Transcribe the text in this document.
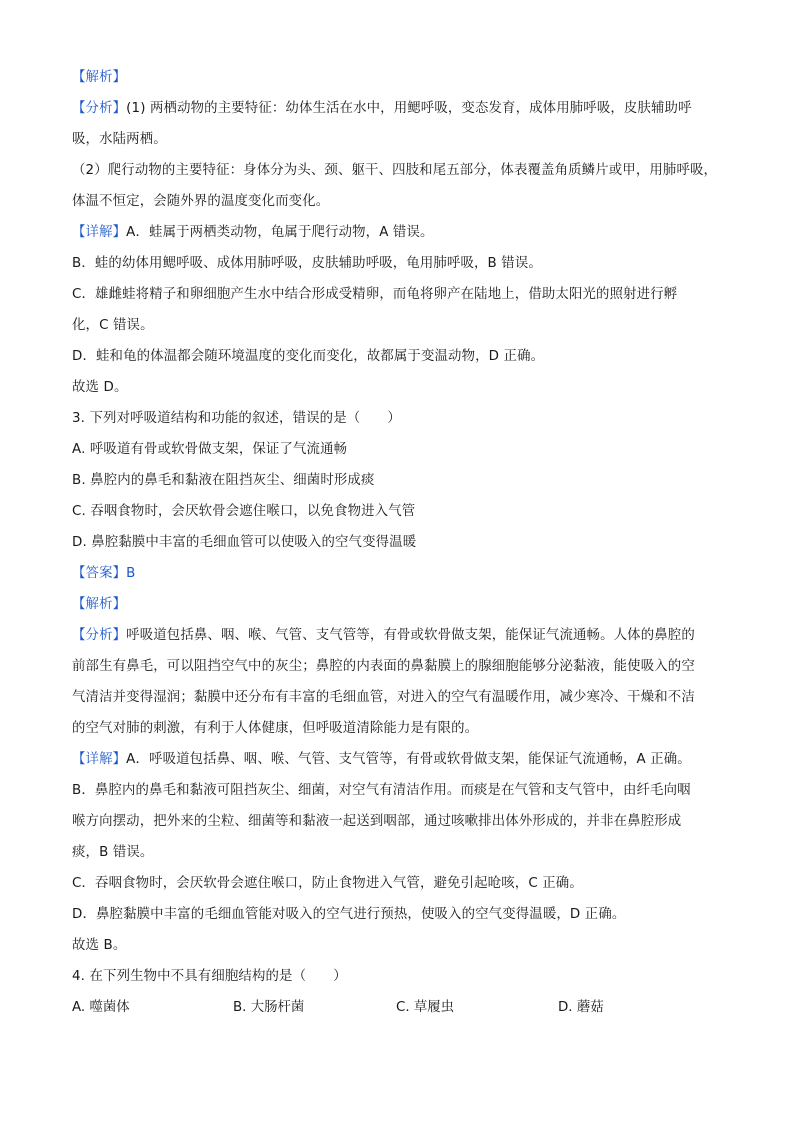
【解析】
【分析】(1) 两栖动物的主要特征：幼体生活在水中，用鳃呼吸，变态发育，成体用肺呼吸，皮肤辅助呼
吸，水陆两栖。
（2）爬行动物的主要特征：身体分为头、颈、躯干、四肢和尾五部分，体表覆盖角质鳞片或甲，用肺呼吸，
体温不恒定，会随外界的温度变化而变化。
【详解】A．蛙属于两栖类动物，龟属于爬行动物，A 错误。
B．蛙的幼体用鳃呼吸、成体用肺呼吸，皮肤辅助呼吸，龟用肺呼吸，B 错误。
C．雄雌蛙将精子和卵细胞产生水中结合形成受精卵，而龟将卵产在陆地上，借助太阳光的照射进行孵
化，C 错误。
D．蛙和龟的体温都会随环境温度的变化而变化，故都属于变温动物，D 正确。
故选 D。
3. 下列对呼吸道结构和功能的叙述，错误的是（　　）
A. 呼吸道有骨或软骨做支架，保证了气流通畅
B. 鼻腔内的鼻毛和黏液在阻挡灰尘、细菌时形成痰
C. 吞咽食物时，会厌软骨会遮住喉口，以免食物进入气管
D. 鼻腔黏膜中丰富的毛细血管可以使吸入的空气变得温暖
【答案】B
【解析】
【分析】呼吸道包括鼻、咽、喉、气管、支气管等，有骨或软骨做支架，能保证气流通畅。人体的鼻腔的
前部生有鼻毛，可以阻挡空气中的灰尘；鼻腔的内表面的鼻黏膜上的腺细胞能够分泌黏液，能使吸入的空
气清洁并变得湿润；黏膜中还分布有丰富的毛细血管，对进入的空气有温暖作用，减少寒冷、干燥和不洁
的空气对肺的刺激，有利于人体健康，但呼吸道清除能力是有限的。
【详解】A．呼吸道包括鼻、咽、喉、气管、支气管等，有骨或软骨做支架，能保证气流通畅，A 正确。
B．鼻腔内的鼻毛和黏液可阻挡灰尘、细菌，对空气有清洁作用。而痰是在气管和支气管中，由纤毛向咽
喉方向摆动，把外来的尘粒、细菌等和黏液一起送到咽部，通过咳嗽排出体外形成的，并非在鼻腔形成
痰，B 错误。
C．吞咽食物时，会厌软骨会遮住喉口，防止食物进入气管，避免引起呛咳，C 正确。
D．鼻腔黏膜中丰富的毛细血管能对吸入的空气进行预热，使吸入的空气变得温暖，D 正确。
故选 B。
4. 在下列生物中不具有细胞结构的是（　　）
A. 噬菌体	B. 大肠杆菌	C. 草履虫	D. 蘑菇
